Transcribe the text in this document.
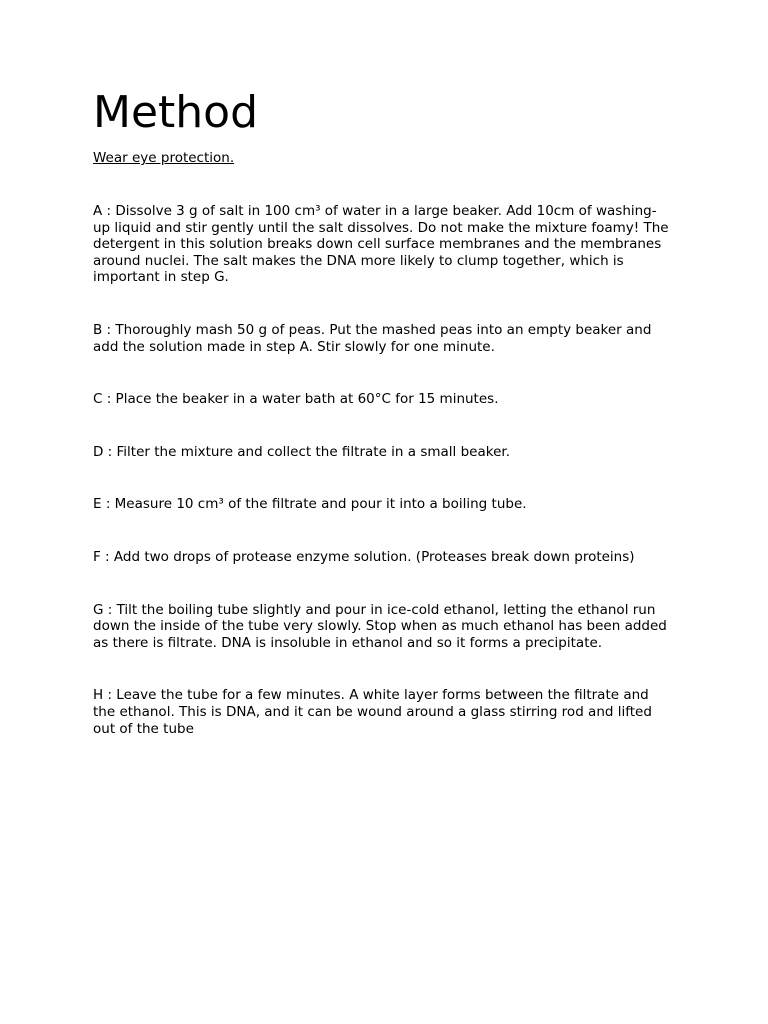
Method

Wear eye protection.

A : Dissolve 3 g of salt in 100 cm³ of water in a large beaker. Add 10cm of washing-up liquid and stir gently until the salt dissolves. Do not make the mixture foamy! The detergent in this solution breaks down cell surface membranes and the membranes around nuclei. The salt makes the DNA more likely to clump together, which is important in step G.

B : Thoroughly mash 50 g of peas. Put the mashed peas into an empty beaker and add the solution made in step A. Stir slowly for one minute.

C : Place the beaker in a water bath at 60°C for 15 minutes.

D : Filter the mixture and collect the filtrate in a small beaker.

E : Measure 10 cm³ of the filtrate and pour it into a boiling tube.

F : Add two drops of protease enzyme solution. (Proteases break down proteins)

G : Tilt the boiling tube slightly and pour in ice-cold ethanol, letting the ethanol run down the inside of the tube very slowly. Stop when as much ethanol has been added as there is filtrate. DNA is insoluble in ethanol and so it forms a precipitate.

H : Leave the tube for a few minutes. A white layer forms between the filtrate and the ethanol. This is DNA, and it can be wound around a glass stirring rod and lifted out of the tube
